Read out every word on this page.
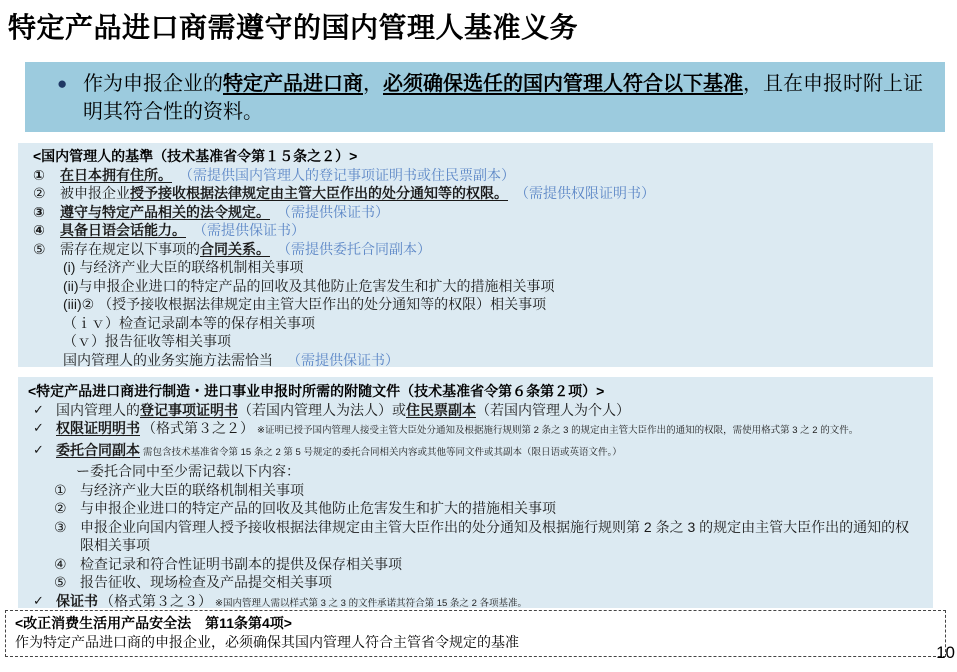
特定产品进口商需遵守的国内管理人基准义务
● 作为申报企业的特定产品进口商，必须确保选任的国内管理人符合以下基准，且在申报时附上证明其符合性的资料。
<国内管理人的基準（技术基准省令第１５条之２）>
①	在日本拥有住所。 （需提供国内管理人的登记事项证明书或住民票副本）
②	被申报企业授予接收根据法律规定由主管大臣作出的处分通知等的权限。 （需提供权限证明书）
③	遵守与特定产品相关的法令规定。 （需提供保证书）
④	具备日语会话能力。 （需提供保证书）
⑤	需存在规定以下事项的合同关系。 （需提供委托合同副本）
(i) 与经济产业大臣的联络机制相关事项
(ii)与申报企业进口的特定产品的回收及其他防止危害发生和扩大的措施相关事项
(iii)② （授予接收根据法律规定由主管大臣作出的处分通知等的权限）相关事项
（ｉｖ）检查记录副本等的保存相关事项
（ｖ）报告征收等相关事项
国内管理人的业务实施方法需恰当 （需提供保证书）
<特定产品进口商进行制造・进口事业申报时所需的附随文件（技术基准省令第６条第２项）>
✓ 国内管理人的登记事项证明书（若国内管理人为法人）或住民票副本（若国内管理人为个人）
✓ 权限证明明书 （格式第３之２） ※证明已授予国内管理人接受主管大臣处分通知及根据施行规则第 2 条之 3 的规定由主管大臣作出的通知的权限，需使用格式第 3 之 2 的文件。
✓ 委托合同副本 需包含技术基准省令第 15 条之 2 第 5 号规定的委托合同相关内容或其他等同文件或其副本（限日语或英语文件。）
ー委托合同中至少需记载以下内容：
① 与经济产业大臣的联络机制相关事项
② 与申报企业进口的特定产品的回收及其他防止危害发生和扩大的措施相关事项
③ 申报企业向国内管理人授予接收根据法律规定由主管大臣作出的处分通知及根据施行规则第 2 条之 3 的规定由主管大臣作出的通知的权限相关事项
④ 检查记录和符合性证明书副本的提供及保存相关事项
⑤ 报告征收、现场检查及产品提交相关事项
✓ 保证书 （格式第３之３） ※国内管理人需以样式第 3 之 3 的文件承诺其符合第 15 条之 2 各项基准。
<改正消费生活用产品安全法　第11条第4项>
作为特定产品进口商的申报企业，必须确保其国内管理人符合主管省令规定的基准
10
